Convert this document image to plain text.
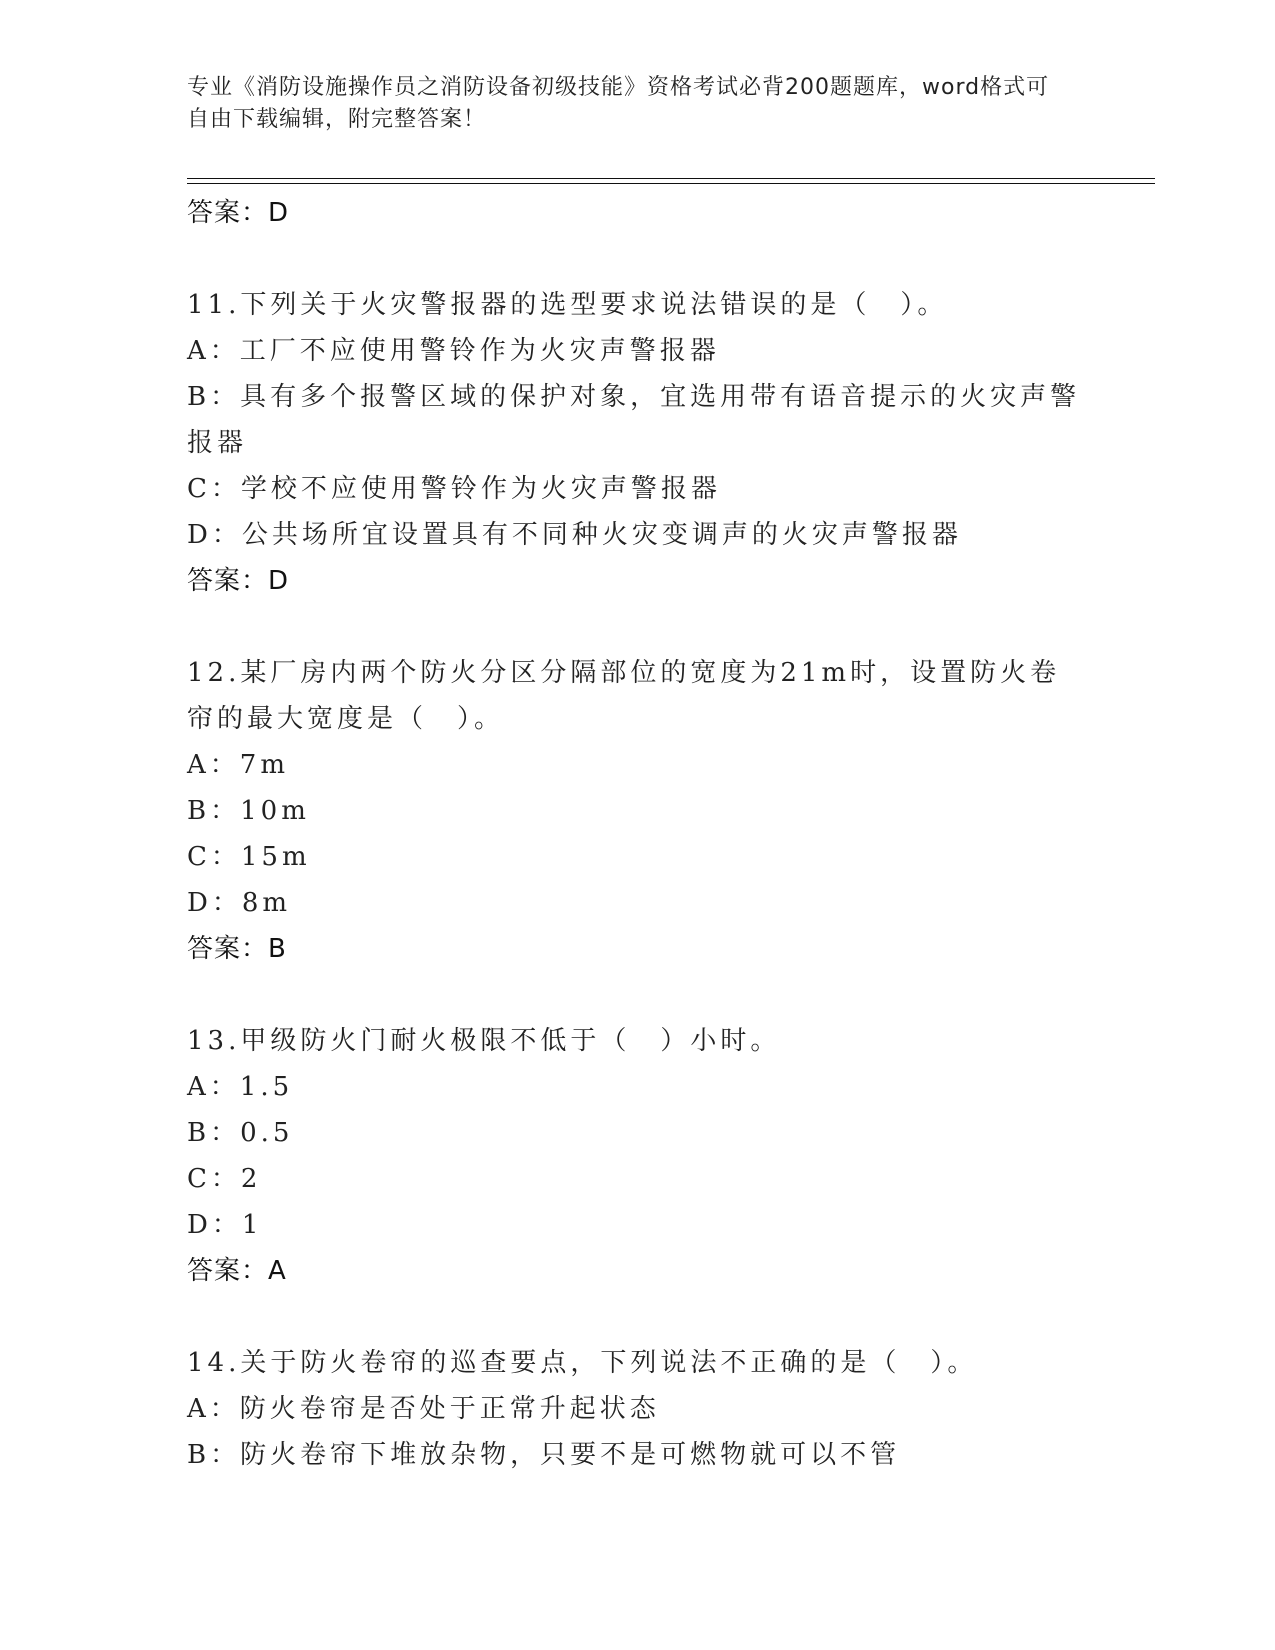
专业《消防设施操作员之消防设备初级技能》资格考试必背200题题库，word格式可自由下载编辑，附完整答案！
答案：D
11.下列关于火灾警报器的选型要求说法错误的是（　）。
A：工厂不应使用警铃作为火灾声警报器
B：具有多个报警区域的保护对象，宜选用带有语音提示的火灾声警报器
C：学校不应使用警铃作为火灾声警报器
D：公共场所宜设置具有不同种火灾变调声的火灾声警报器
答案：D
12.某厂房内两个防火分区分隔部位的宽度为21m时，设置防火卷帘的最大宽度是（　）。
A：7m
B：10m
C：15m
D：8m
答案：B
13.甲级防火门耐火极限不低于（　）小时。
A：1.5
B：0.5
C：2
D：1
答案：A
14.关于防火卷帘的巡查要点，下列说法不正确的是（　）。
A：防火卷帘是否处于正常升起状态
B：防火卷帘下堆放杂物，只要不是可燃物就可以不管
